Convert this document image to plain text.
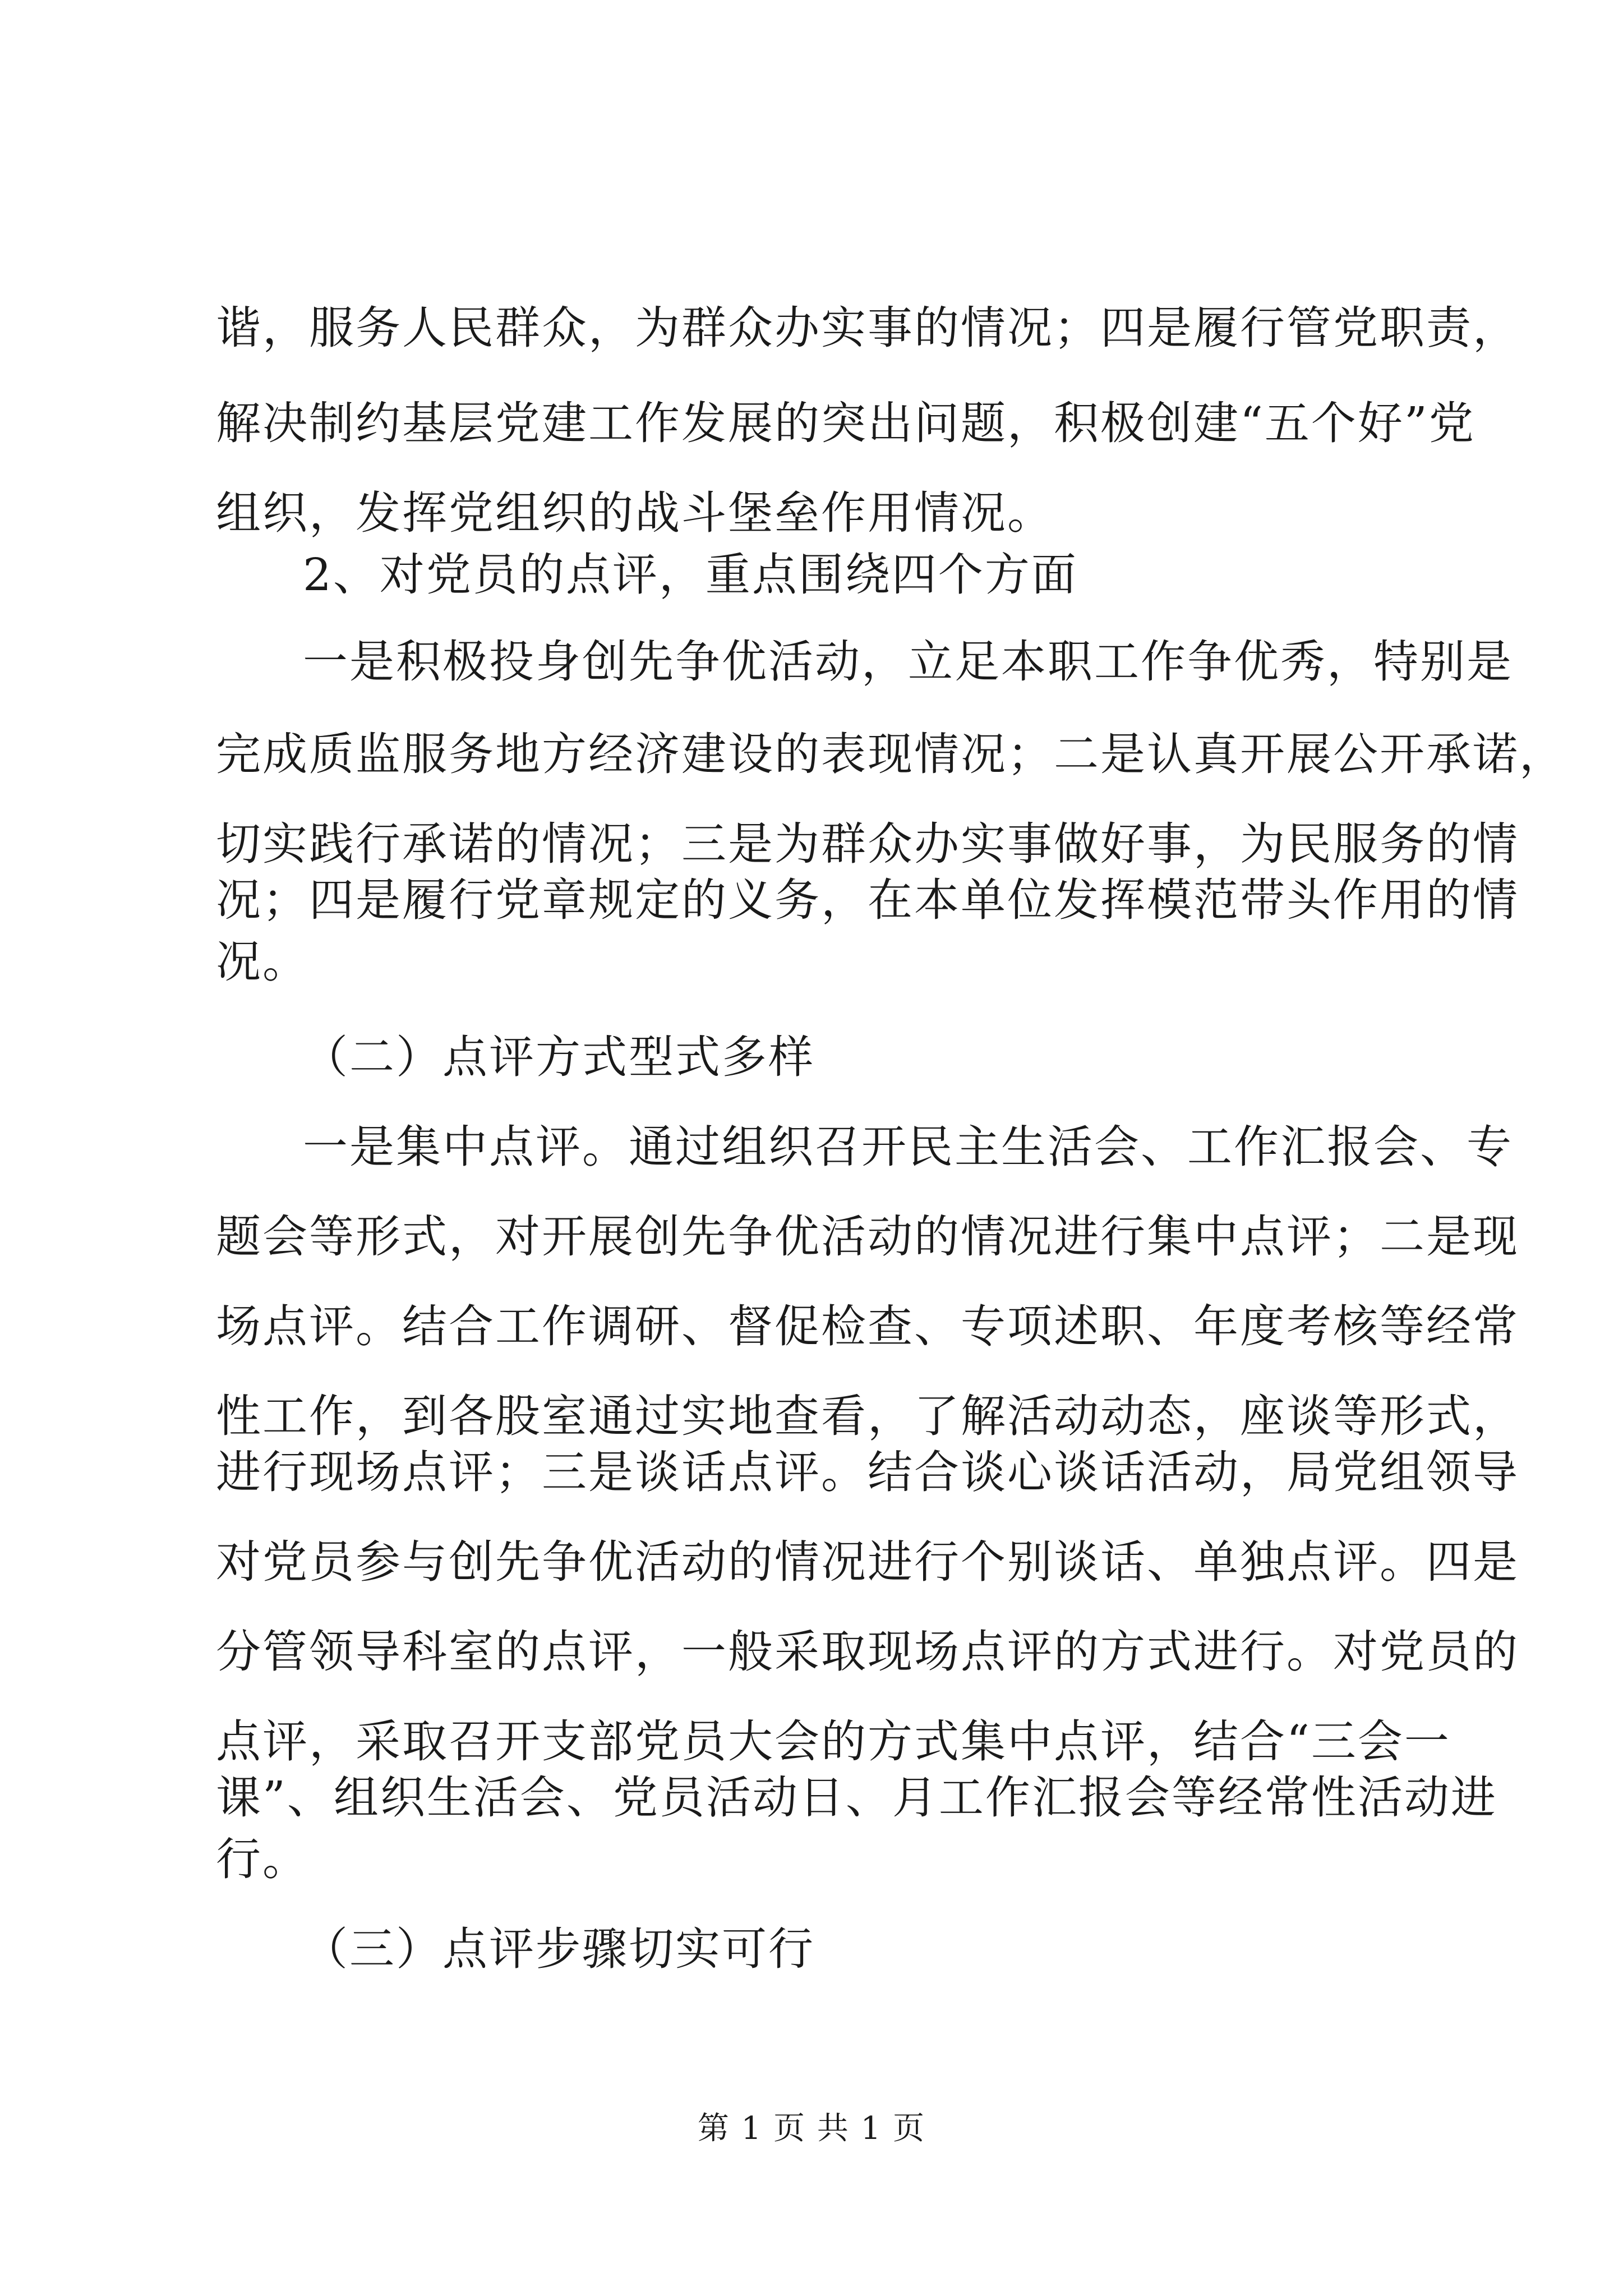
谐，服务人民群众，为群众办实事的情况；四是履行管党职责，
解决制约基层党建工作发展的突出问题，积极创建“五个好”党
组织，发挥党组织的战斗堡垒作用情况。
2、对党员的点评，重点围绕四个方面
一是积极投身创先争优活动，立足本职工作争优秀，特别是
完成质监服务地方经济建设的表现情况；二是认真开展公开承诺，
切实践行承诺的情况；三是为群众办实事做好事，为民服务的情
况；四是履行党章规定的义务，在本单位发挥模范带头作用的情
况。
（二）点评方式型式多样
一是集中点评。通过组织召开民主生活会、工作汇报会、专
题会等形式，对开展创先争优活动的情况进行集中点评；二是现
场点评。结合工作调研、督促检查、专项述职、年度考核等经常
性工作，到各股室通过实地查看，了解活动动态，座谈等形式，
进行现场点评；三是谈话点评。结合谈心谈话活动，局党组领导
对党员参与创先争优活动的情况进行个别谈话、单独点评。四是
分管领导科室的点评，一般采取现场点评的方式进行。对党员的
点评，采取召开支部党员大会的方式集中点评，结合“三会一
课”、组织生活会、党员活动日、月工作汇报会等经常性活动进
行。
（三）点评步骤切实可行
第 1 页 共 1 页
